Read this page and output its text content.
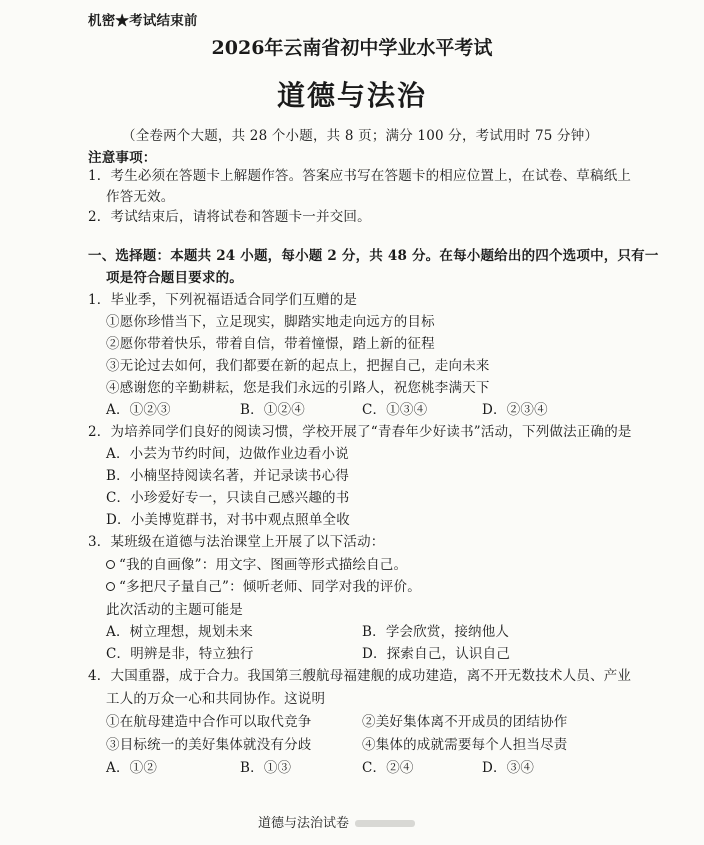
机密★考试结束前
2026年云南省初中学业水平考试
道德与法治
（全卷两个大题，共 28 个小题，共 8 页；满分 100 分，考试用时 75 分钟）
注意事项：
1．考生必须在答题卡上解题作答。答案应书写在答题卡的相应位置上，在试卷、草稿纸上
作答无效。
2．考试结束后，请将试卷和答题卡一并交回。
一、选择题：本题共 24 小题，每小题 2 分，共 48 分。在每小题给出的四个选项中，只有一
项是符合题目要求的。
1．毕业季，下列祝福语适合同学们互赠的是
①愿你珍惜当下，立足现实，脚踏实地走向远方的目标
②愿你带着快乐，带着自信，带着憧憬，踏上新的征程
③无论过去如何，我们都要在新的起点上，把握自己，走向未来
④感谢您的辛勤耕耘，您是我们永远的引路人，祝您桃李满天下
A．①②③	B．①②④	C．①③④	D．②③④
2．为培养同学们良好的阅读习惯，学校开展了“青春年少好读书”活动，下列做法正确的是
A．小芸为节约时间，边做作业边看小说
B．小楠坚持阅读名著，并记录读书心得
C．小珍爱好专一，只读自己感兴趣的书
D．小美博览群书，对书中观点照单全收
3．某班级在道德与法治课堂上开展了以下活动：
“我的自画像”：用文字、图画等形式描绘自己。
“多把尺子量自己”：倾听老师、同学对我的评价。
此次活动的主题可能是
A．树立理想，规划未来	B．学会欣赏，接纳他人
C．明辨是非，特立独行	D．探索自己，认识自己
4．大国重器，成于合力。我国第三艘航母福建舰的成功建造，离不开无数技术人员、产业
工人的万众一心和共同协作。这说明
①在航母建造中合作可以取代竞争	②美好集体离不开成员的团结协作
③目标统一的美好集体就没有分歧	④集体的成就需要每个人担当尽责
A．①②	B．①③	C．②④	D．③④
道德与法治试卷
